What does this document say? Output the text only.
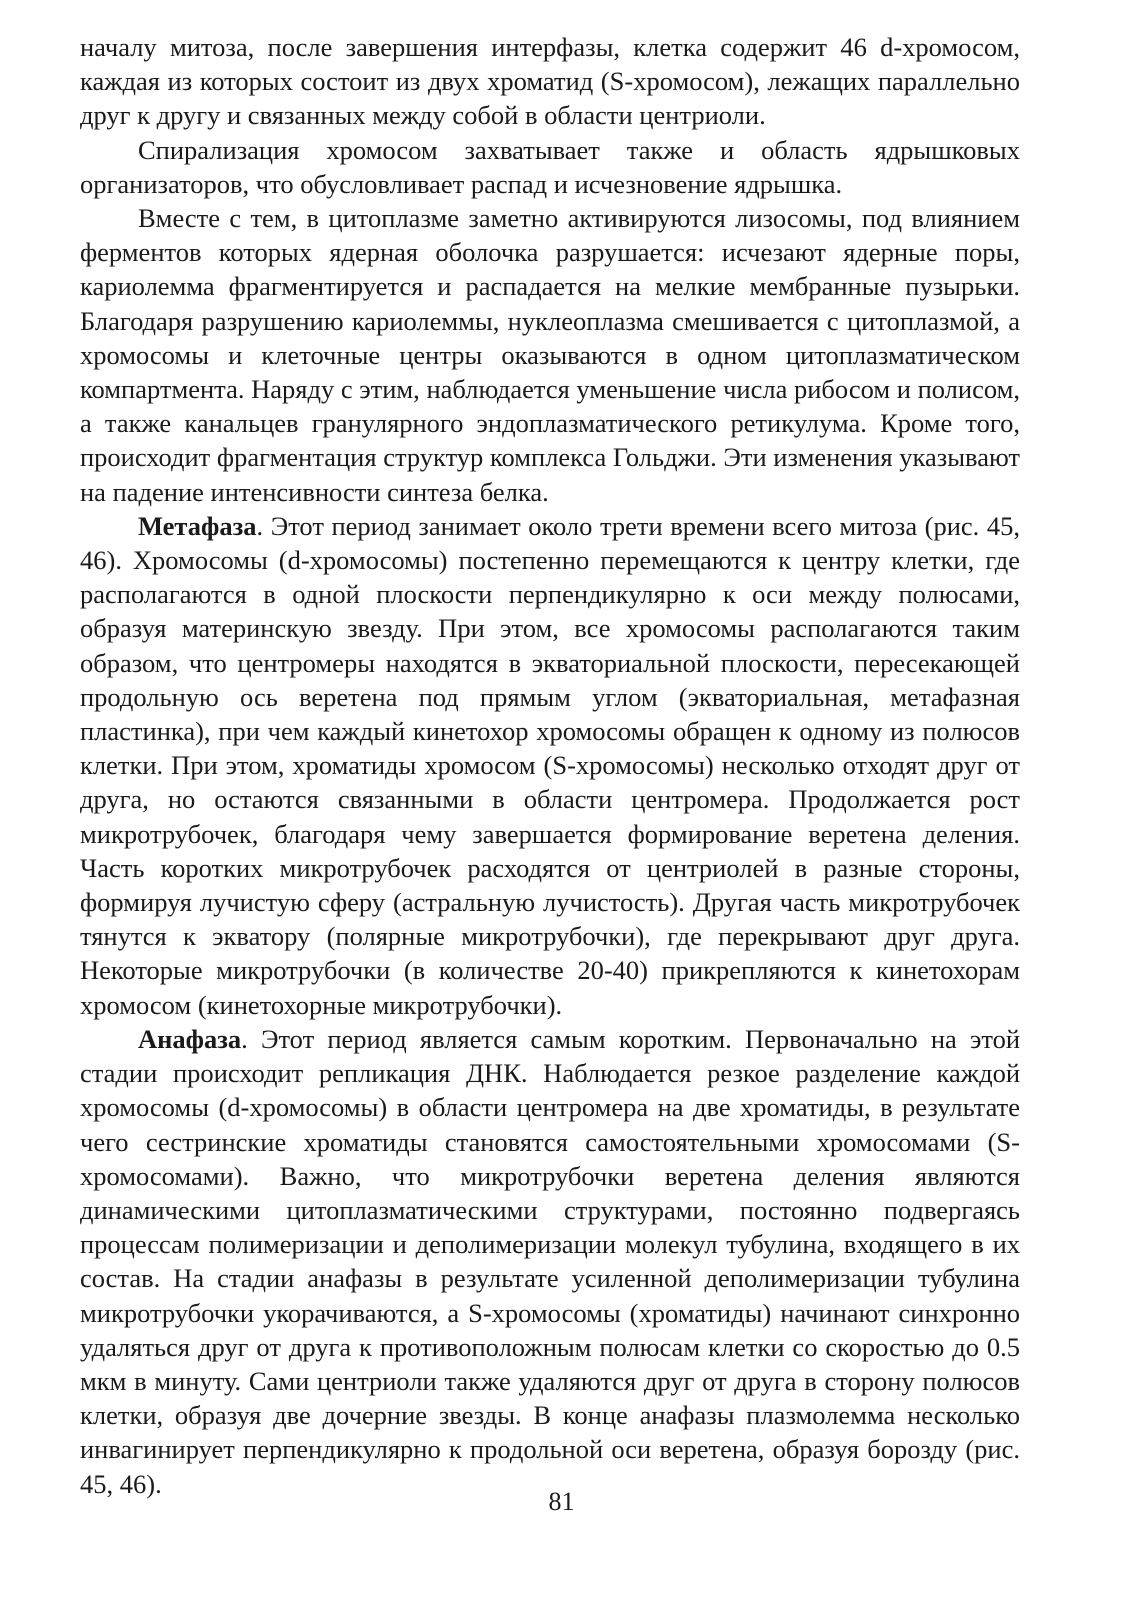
началу митоза, после завершения интерфазы, клетка содержит 46 d-хромосом, каждая из которых состоит из двух хроматид (S-хромосом), лежащих параллельно друг к другу и связанных между собой в области центриоли.

Спирализация хромосом захватывает также и область ядрышковых организаторов, что обусловливает распад и исчезновение ядрышка.

Вместе с тем, в цитоплазме заметно активируются лизосомы, под влиянием ферментов которых ядерная оболочка разрушается: исчезают ядерные поры, кариолемма фрагментируется и распадается на мелкие мембранные пузырьки. Благодаря разрушению кариолеммы, нуклеоплазма смешивается с цитоплазмой, а хромосомы и клеточные центры оказываются в одном цитоплазматическом компартмента. Наряду с этим, наблюдается уменьшение числа рибосом и полисом, а также канальцев гранулярного эндоплазматического ретикулума. Кроме того, происходит фрагментация структур комплекса Гольджи. Эти изменения указывают на падение интенсивности синтеза белка.

Метафаза. Этот период занимает около трети времени всего митоза (рис. 45, 46). Хромосомы (d-хромосомы) постепенно перемещаются к центру клетки, где располагаются в одной плоскости перпендикулярно к оси между полюсами, образуя материнскую звезду. При этом, все хромосомы располагаются таким образом, что центромеры находятся в экваториальной плоскости, пересекающей продольную ось веретена под прямым углом (экваториальная, метафазная пластинка), при чем каждый кинетохор хромосомы обращен к одному из полюсов клетки. При этом, хроматиды хромосом (S-хромосомы) несколько отходят друг от друга, но остаются связанными в области центромера. Продолжается рост микротрубочек, благодаря чему завершается формирование веретена деления. Часть коротких микротрубочек расходятся от центриолей в разные стороны, формируя лучистую сферу (астральную лучистость). Другая часть микротрубочек тянутся к экватору (полярные микротрубочки), где перекрывают друг друга. Некоторые микротрубочки (в количестве 20-40) прикрепляются к кинетохорам хромосом (кинетохорные микротрубочки).

Анафаза. Этот период является самым коротким. Первоначально на этой стадии происходит репликация ДНК. Наблюдается резкое разделение каждой хромосомы (d-хромосомы) в области центромера на две хроматиды, в результате чего сестринские хроматиды становятся самостоятельными хромосомами (S-хромосомами). Важно, что микротрубочки веретена деления являются динамическими цитоплазматическими структурами, постоянно подвергаясь процессам полимеризации и деполимеризации молекул тубулина, входящего в их состав. На стадии анафазы в результате усиленной деполимеризации тубулина микротрубочки укорачиваются, а S-хромосомы (хроматиды) начинают синхронно удаляться друг от друга к противоположным полюсам клетки со скоростью до 0.5 мкм в минуту. Сами центриоли также удаляются друг от друга в сторону полюсов клетки, образуя две дочерние звезды. В конце анафазы плазмолемма несколько инвагинирует перпендикулярно к продольной оси веретена, образуя борозду (рис. 45, 46).

81
